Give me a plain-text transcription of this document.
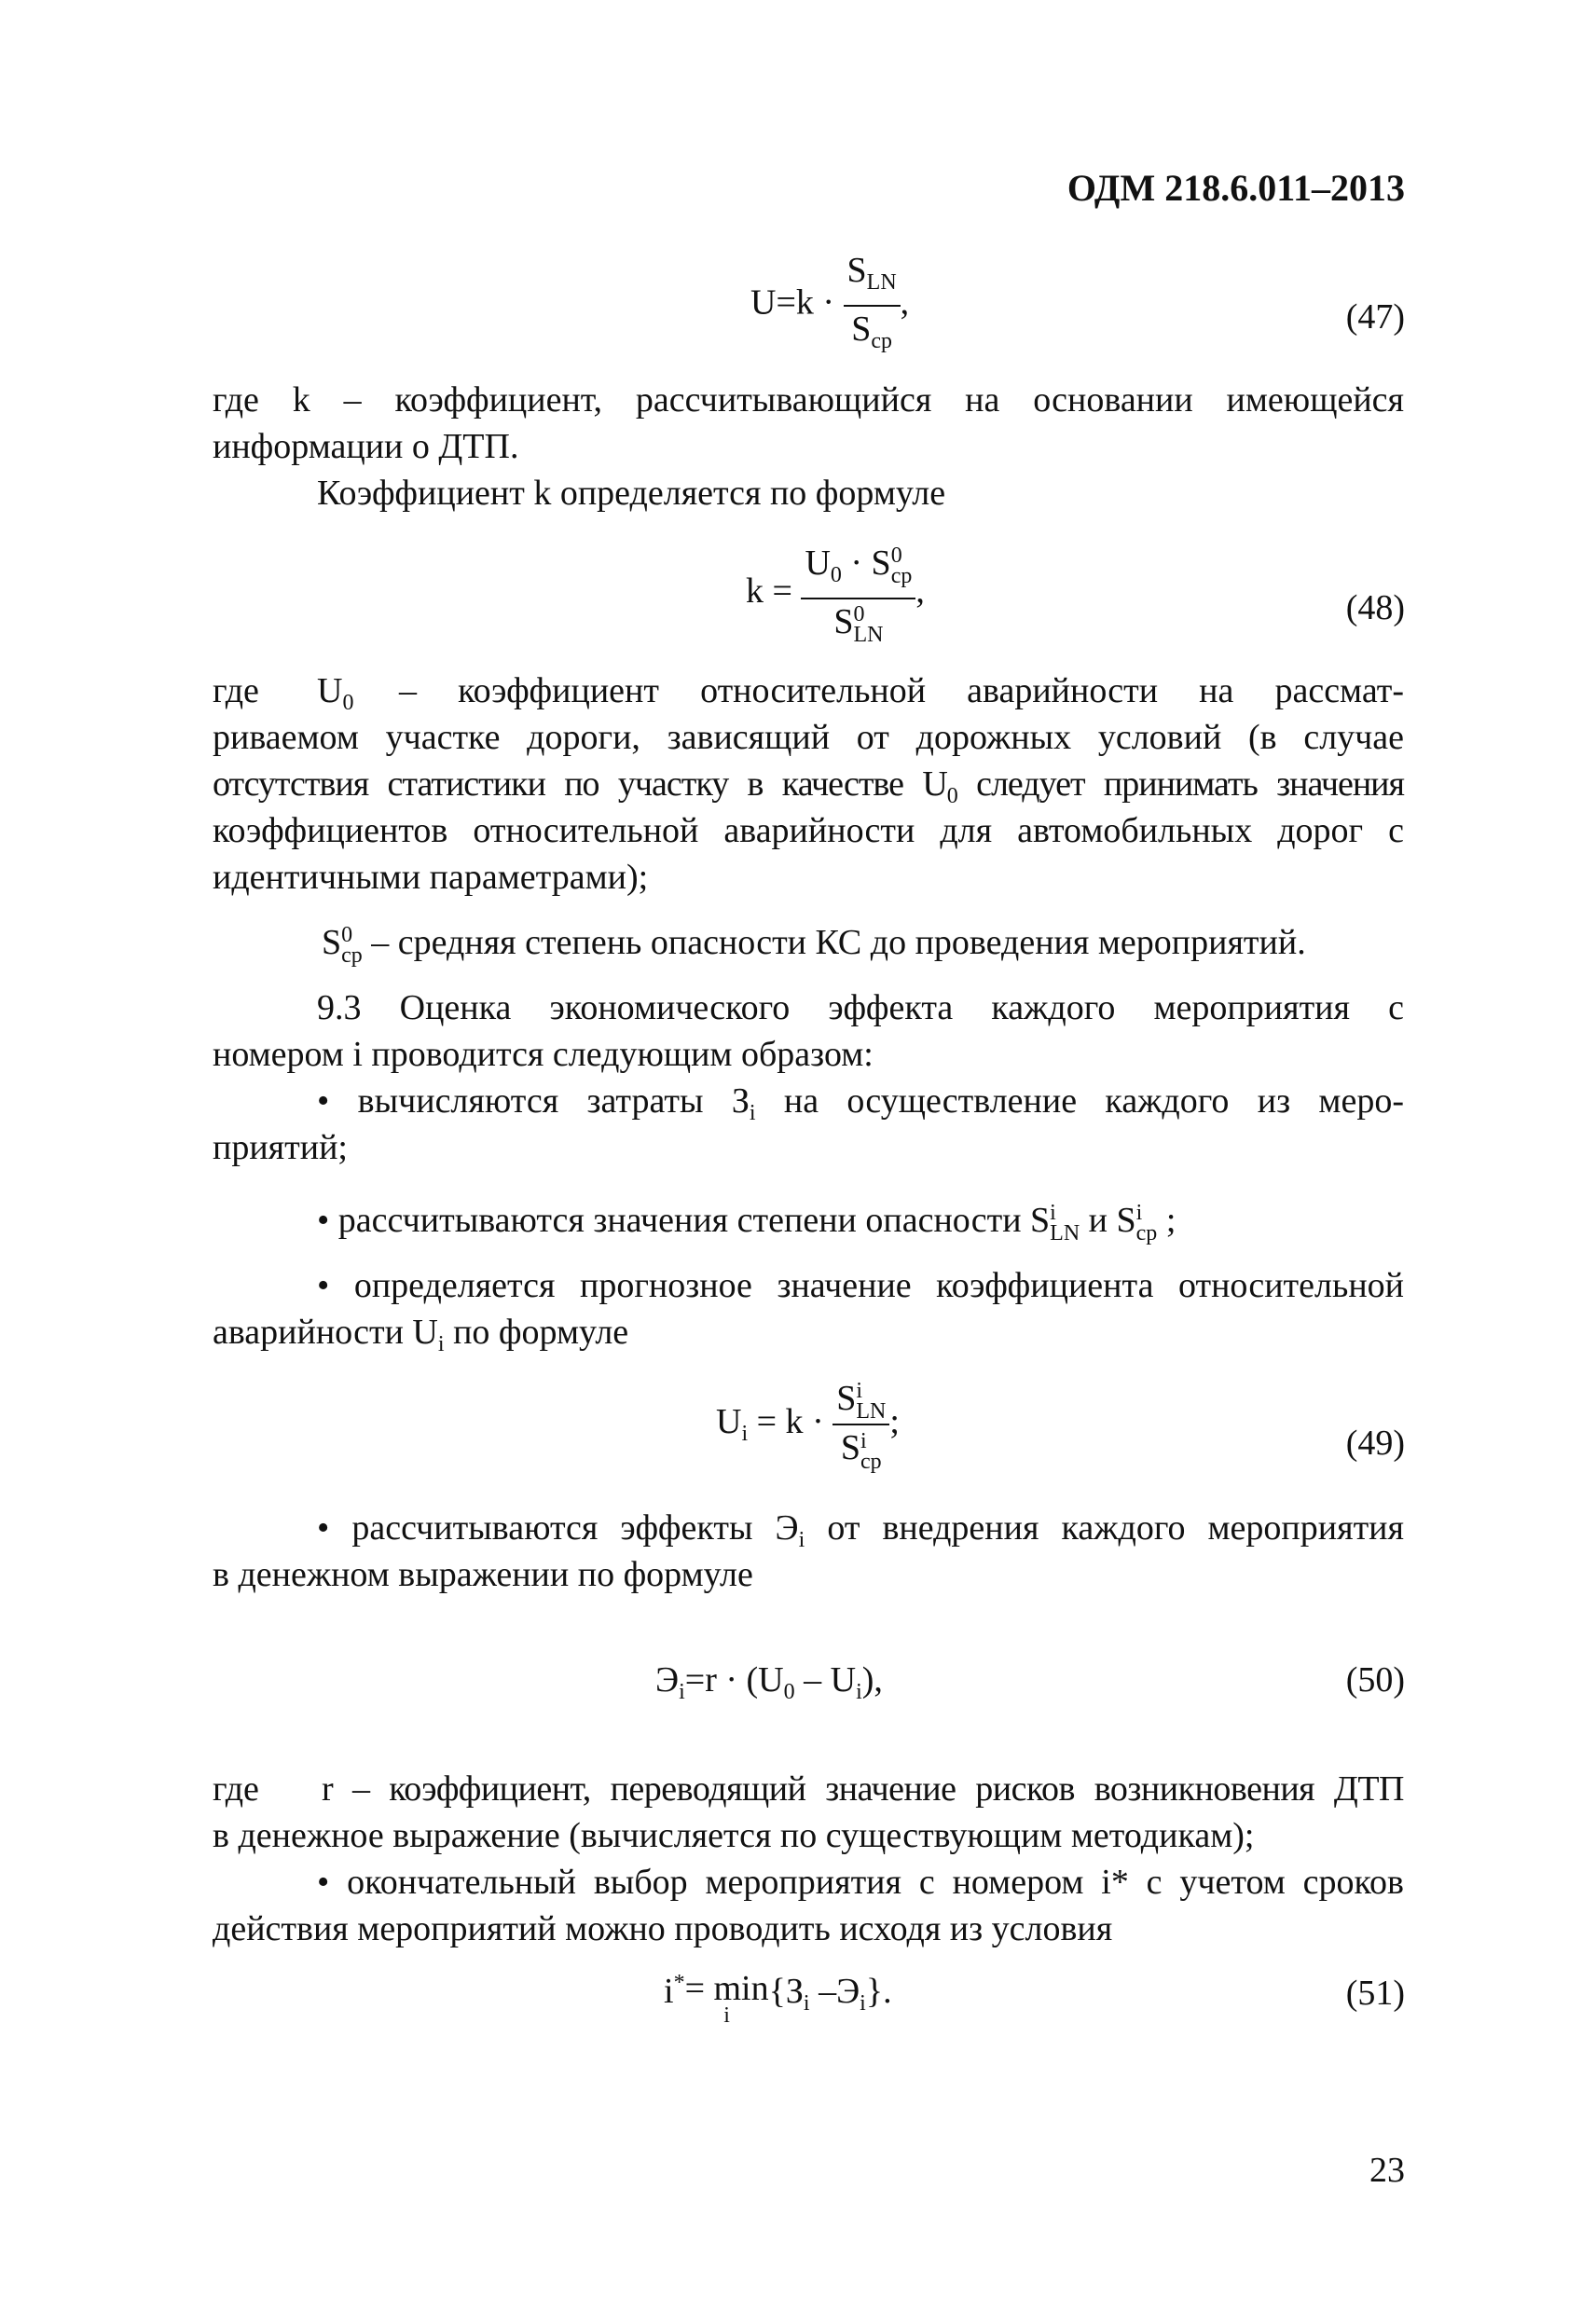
ОДМ 218.6.011–2013
$U=k \cdot \frac{S_{LN}}{S_{ср}}$ ,	(47)
где k – коэффициент, рассчитывающийся на основании имеющейся
информации о ДТП.
Коэффициент k определяется по формуле
$k = U_0 \cdot S$ 0
ср
S 0
LN ,	(48)
где $U_0$ – коэффициент относительной аварийности на рассмат-
риваемом участке дороги, зависящий от дорожных условий (в случае
отсутствия статистики по участку в качестве $U_0$ следует принимать значения
коэффициентов относительной аварийности для автомобильных дорог с
идентичными параметрами);
S 0
ср – средняя степень опасности КС до проведения мероприятий.
9.3 Оценка экономического эффекта каждого мероприятия с
номером i проводится следующим образом:
• вычисляются затраты $З_i$ на осуществление каждого из меро-
приятий;
• рассчитываются значения степени опасности S i
LN и S i
ср ;
• определяется прогнозное значение коэффициента относительной
аварийности $U_i$ по формуле
$U_i = k \cdot S$ i
LN
S i
ср ;
(49)
• рассчитываются эффекты $Э_i$ от внедрения каждого мероприятия
в денежном выражении по формуле
$Э_i=r \cdot (U_0 - U_i)$,	(50)
где r – коэффициент, переводящий значение рисков возникновения ДТП
в денежное выражение (вычисляется по существующим методикам);
• окончательный выбор мероприятия с номером i* с учетом сроков
действия мероприятий можно проводить исходя из условия
i* = min
i
{$З_i$ $-Э_i$}.	(51)
23
